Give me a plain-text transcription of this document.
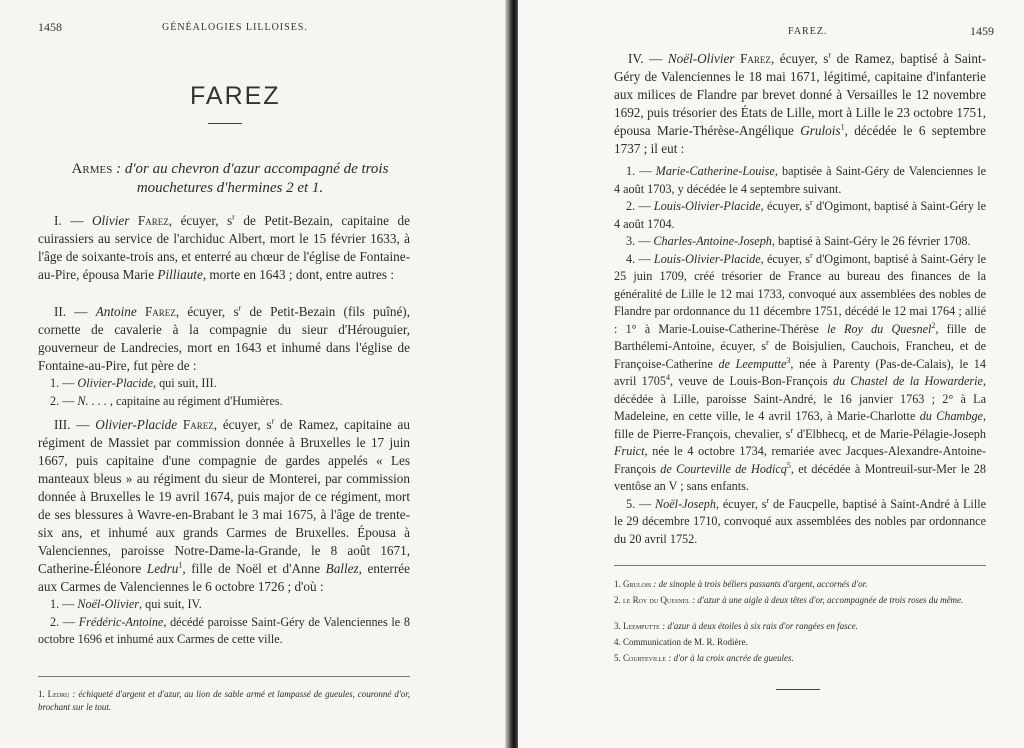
1458	GÉNÉALOGIES LILLOISES.
FAREZ
Armes : d'or au chevron d'azur accompagné de trois mouchetures d'hermines 2 et 1.

I. — Olivier Farez, écuyer, $s^r$ de Petit-Bezain, capitaine de cuirassiers au service de l'archiduc Albert, mort le 15 février 1633, à l'âge de soixante-trois ans, et enterré au chœur de l'église de Fontaine-au-Pire, épousa Marie Pilliaute, morte en 1643 ; dont, entre autres :

II. — Antoine Farez, écuyer, $s^r$ de Petit-Bezain (fils puîné), cornette de cavalerie à la compagnie du sieur d'Hérouguier, gouverneur de Landrecies, mort en 1643 et inhumé dans l'église de Fontaine-au-Pire, fut père de :

1. — Olivier-Placide, qui suit, III.

2. — N. . . . , capitaine au régiment d'Humières.

III. — Olivier-Placide Farez, écuyer, $s^r$ de Ramez, capitaine au régiment de Massiet par commission donnée à Bruxelles le 17 juin 1667, puis capitaine d'une compagnie de gardes appelés « Les manteaux bleus » au régiment du sieur de Monterei, par commission donnée à Bruxelles le 19 avril 1674, puis major de ce régiment, mort de ses blessures à Wavre-en-Brabant le 3 mai 1675, à l'âge de trente-six ans, et inhumé aux grands Carmes de Bruxelles. Épousa à Valenciennes, paroisse Notre-Dame-la-Grande, le 8 août 1671, Catherine-Éléonore Ledru$^1$, fille de Noël et d'Anne Ballez, enterrée aux Carmes de Valenciennes le 6 octobre 1726 ; d'où :

1. — Noël-Olivier, qui suit, IV.

2. — Frédéric-Antoine, décédé paroisse Saint-Géry de Valenciennes le 8 octobre 1696 et inhumé aux Carmes de cette ville.

1. Ledru : échiqueté d'argent et d'azur, au lion de sable armé et lampassé de gueules, couronné d'or, brochant sur le tout.
FAREZ.	1459

IV. — Noël-Olivier Farez, écuyer, $s^r$ de Ramez, baptisé à Saint-Géry de Valenciennes le 18 mai 1671, légitimé, capitaine d'infanterie aux milices de Flandre par brevet donné à Versailles le 12 novembre 1692, puis trésorier des États de Lille, mort à Lille le 23 octobre 1751, épousa Marie-Thérèse-Angélique Grulois$^1$, décédée le 6 septembre 1737 ; il eut :

1. — Marie-Catherine-Louise, baptisée à Saint-Géry de Valenciennes le 4 août 1703, y décédée le 4 septembre suivant.

2. — Louis-Olivier-Placide, écuyer, $s^r$ d'Ogimont, baptisé à Saint-Géry le 4 août 1704.

3. — Charles-Antoine-Joseph, baptisé à Saint-Géry le 26 février 1708.

4. — Louis-Olivier-Placide, écuyer, $s^r$ d'Ogimont, baptisé à Saint-Géry le 25 juin 1709, créé trésorier de France au bureau des finances de la généralité de Lille le 12 mai 1733, convoqué aux assemblées des nobles de Flandre par ordonnance du 11 décembre 1751, décédé le 12 mai 1764 ; allié : 1° à Marie-Louise-Catherine-Thérèse le Roy du Quesnel$^2$, fille de Barthélemi-Antoine, écuyer, $s^r$ de Boisjulien, Cauchois, Francheu, et de Françoise-Catherine de Leemputte$^3$, née à Parenty (Pas-de-Calais), le 14 avril 1705$^4$, veuve de Louis-Bon-François du Chastel de la Howarderie, décédée à Lille, paroisse Saint-André, le 16 janvier 1763 ; 2° à La Madeleine, en cette ville, le 4 avril 1763, à Marie-Charlotte du Chambge, fille de Pierre-François, chevalier, $s^r$ d'Elbhecq, et de Marie-Pélagie-Joseph Fruict, née le 4 octobre 1734, remariée avec Jacques-Alexandre-Antoine-François de Courteville de Hodicq$^5$, et décédée à Montreuil-sur-Mer le 28 ventôse an V ; sans enfants.

5. — Noël-Joseph, écuyer, $s^r$ de Faucpelle, baptisé à Saint-André à Lille le 29 décembre 1710, convoqué aux assemblées des nobles par ordonnance du 20 avril 1752.

1. Grulois : de sinople à trois béliers passants d'argent, accornés d'or.
2. le Roy du Quesnel : d'azur à une aigle à deux têtes d'or, accompagnée de trois roses du même.
3. Leemputte : d'azur à deux étoiles à six rais d'or rangées en fasce.
4. Communication de M. R. Rodière.
5. Courteville : d'or à la croix ancrée de gueules.
